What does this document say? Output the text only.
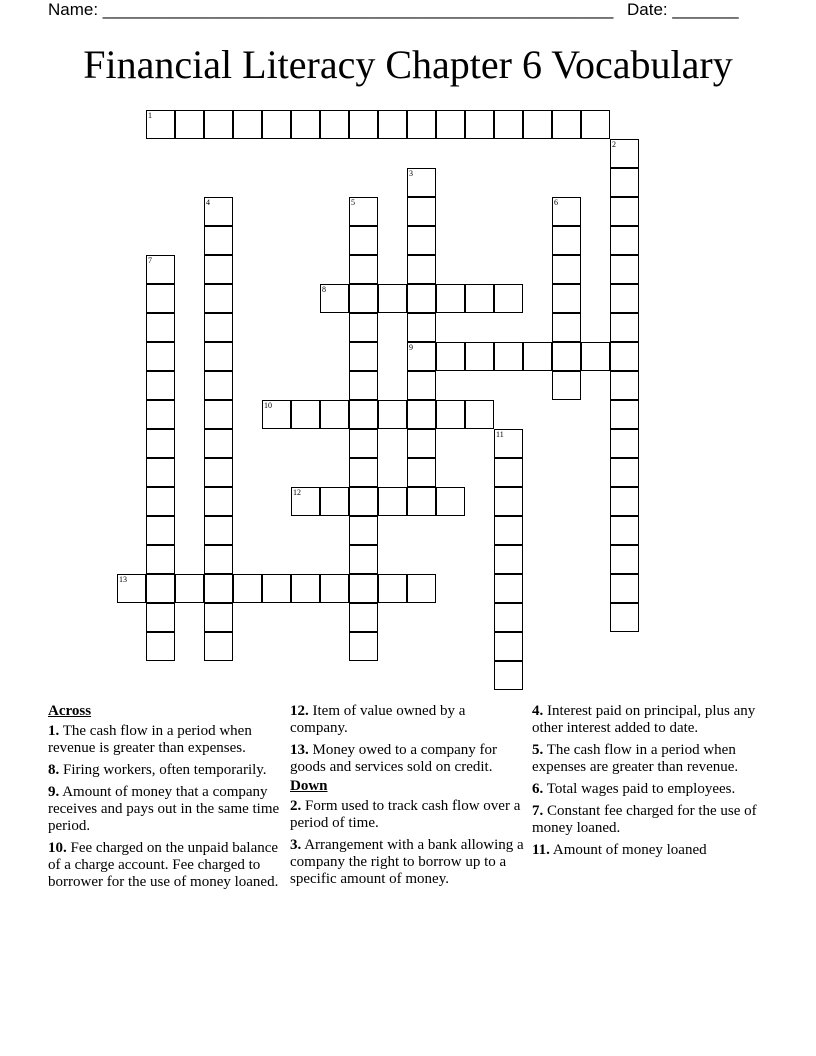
Name: ______________________________________________________ Date: _______
Financial Literacy Chapter 6 Vocabulary
1
2
3
9
4	5	6
7
8
10
11
12
13
Across
1. The cash flow in a period when revenue is greater than expenses.
8. Firing workers, often temporarily.
9. Amount of money that a company receives and pays out in the same time period.
10. Fee charged on the unpaid balance of a charge account. Fee charged to borrower for the use of money loaned.
12. Item of value owned by a company.
13. Money owed to a company for goods and services sold on credit.
Down
2. Form used to track cash flow over a period of time.
3. Arrangement with a bank allowing a company the right to borrow up to a specific amount of money.
4. Interest paid on principal, plus any other interest added to date.
5. The cash flow in a period when expenses are greater than revenue.
6. Total wages paid to employees.
7. Constant fee charged for the use of money loaned.
11. Amount of money loaned
